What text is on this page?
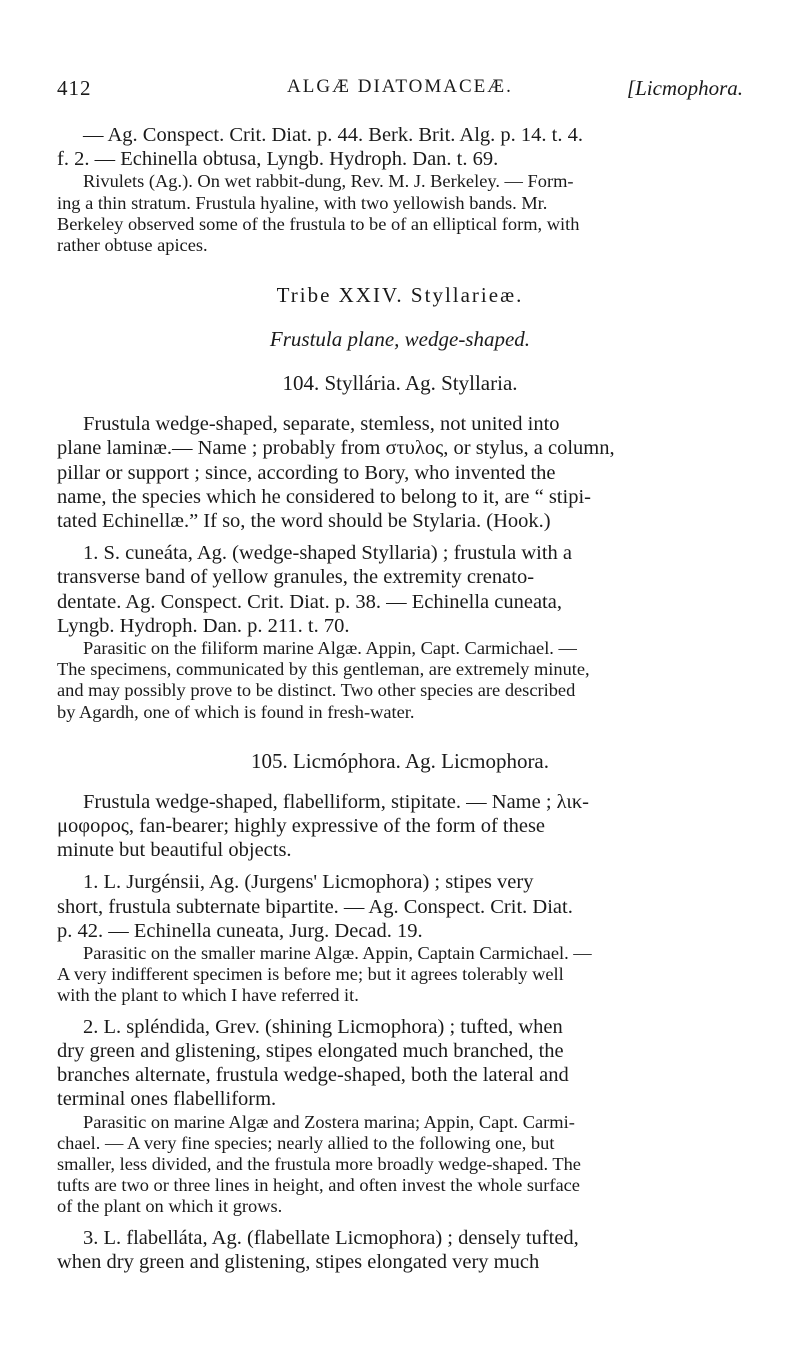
412	ALGÆ DIATOMACEÆ.	[Licmophora.

— Ag. Conspect. Crit. Diat. p. 44. Berk. Brit. Alg. p. 14. t. 4.

f. 2. — Echinella obtusa, Lyngb. Hydroph. Dan. t. 69.

Rivulets (Ag.). On wet rabbit-dung, Rev. M. J. Berkeley. — Form-

ing a thin stratum. Frustula hyaline, with two yellowish bands. Mr.

Berkeley observed some of the frustula to be of an elliptical form, with

rather obtuse apices.

Tribe XXIV. Styllarieæ.

Frustula plane, wedge-shaped.

104. Styllária. Ag. Styllaria.

Frustula wedge-shaped, separate, stemless, not united into

plane laminæ.— Name ; probably from στυλος, or stylus, a column,

pillar or support ; since, according to Bory, who invented the

name, the species which he considered to belong to it, are “ stipi-

tated Echinellæ.” If so, the word should be Stylaria. (Hook.)

1. S. cuneáta, Ag. (wedge-shaped Styllaria) ; frustula with a

transverse band of yellow granules, the extremity crenato-

dentate. Ag. Conspect. Crit. Diat. p. 38. — Echinella cuneata,

Lyngb. Hydroph. Dan. p. 211. t. 70.

Parasitic on the filiform marine Algæ. Appin, Capt. Carmichael. —

The specimens, communicated by this gentleman, are extremely minute,

and may possibly prove to be distinct. Two other species are described

by Agardh, one of which is found in fresh-water.

105. Licmóphora. Ag. Licmophora.

Frustula wedge-shaped, flabelliform, stipitate. — Name ; λικ-

μοφορος, fan-bearer; highly expressive of the form of these

minute but beautiful objects.

1. L. Jurgénsii, Ag. (Jurgens' Licmophora) ; stipes very

short, frustula subternate bipartite. — Ag. Conspect. Crit. Diat.

p. 42. — Echinella cuneata, Jurg. Decad. 19.

Parasitic on the smaller marine Algæ. Appin, Captain Carmichael. —

A very indifferent specimen is before me; but it agrees tolerably well

with the plant to which I have referred it.

2. L. spléndida, Grev. (shining Licmophora) ; tufted, when

dry green and glistening, stipes elongated much branched, the

branches alternate, frustula wedge-shaped, both the lateral and

terminal ones flabelliform.

Parasitic on marine Algæ and Zostera marina; Appin, Capt. Carmi-

chael. — A very fine species; nearly allied to the following one, but

smaller, less divided, and the frustula more broadly wedge-shaped. The

tufts are two or three lines in height, and often invest the whole surface

of the plant on which it grows.

3. L. flabelláta, Ag. (flabellate Licmophora) ; densely tufted,

when dry green and glistening, stipes elongated very much
